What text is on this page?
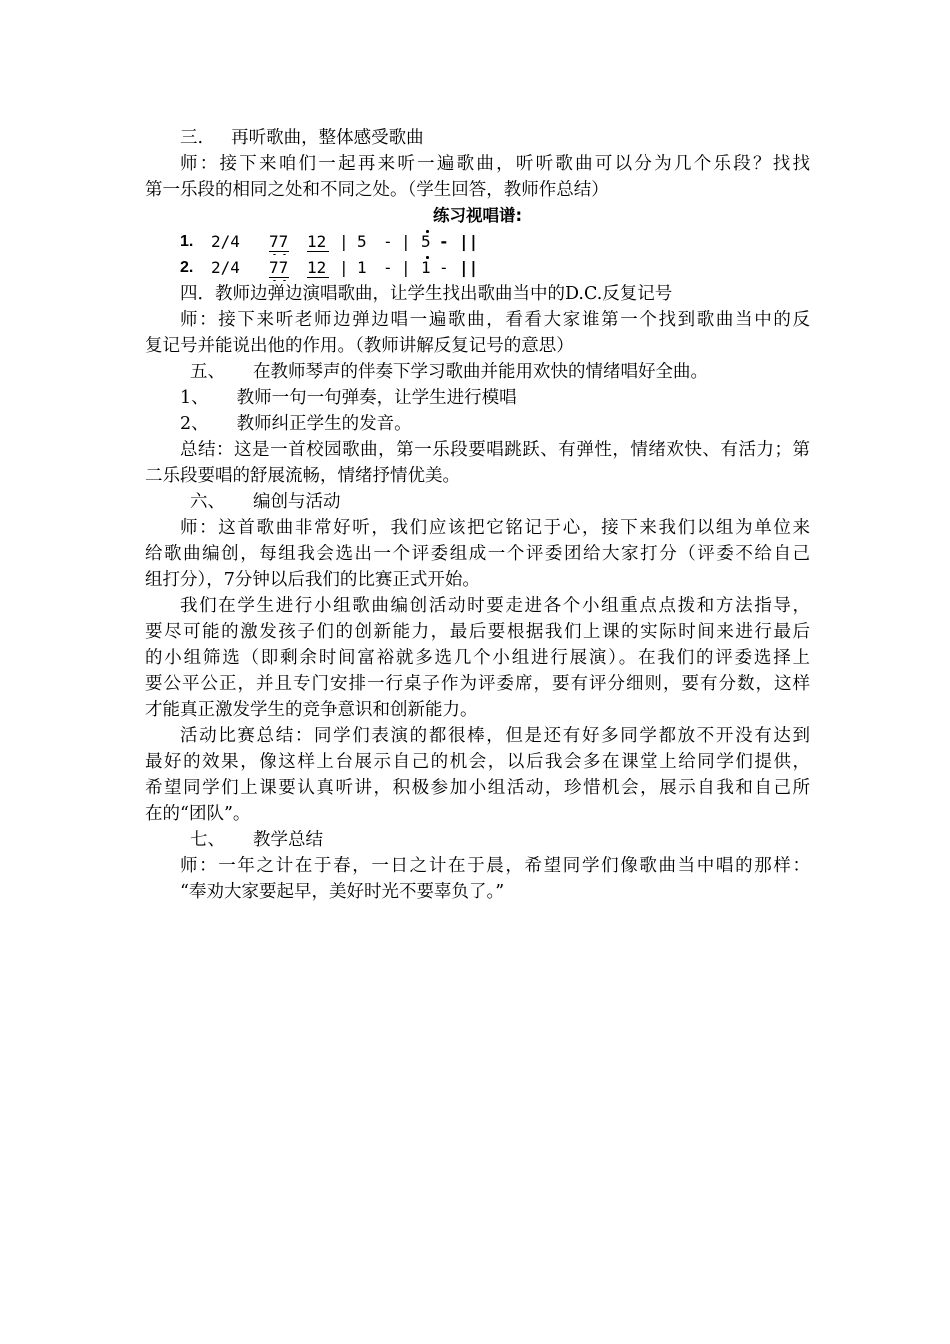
三. 再听歌曲，整体感受歌曲
师：接下来咱们一起再来听一遍歌曲，听听歌曲可以分为几个乐段？找找
第一乐段的相同之处和不同之处。（学生回答，教师作总结）
练习视唱谱:
1. 2/4 77 12 | 5 - | 5 - ||
2. 2/4 77 12 | 1 - | 1 - ||
四．教师边弹边演唱歌曲，让学生找出歌曲当中的D.C.反复记号
师：接下来听老师边弹边唱一遍歌曲，看看大家谁第一个找到歌曲当中的反
复记号并能说出他的作用。（教师讲解反复记号的意思）
五、 在教师琴声的伴奏下学习歌曲并能用欢快的情绪唱好全曲。
1、 教师一句一句弹奏，让学生进行模唱
2、 教师纠正学生的发音。
总结：这是一首校园歌曲，第一乐段要唱跳跃、有弹性，情绪欢快、有活力；第
二乐段要唱的舒展流畅，情绪抒情优美。
六、 编创与活动
师：这首歌曲非常好听，我们应该把它铭记于心，接下来我们以组为单位来
给歌曲编创，每组我会选出一个评委组成一个评委团给大家打分（评委不给自己
组打分），7分钟以后我们的比赛正式开始。
我们在学生进行小组歌曲编创活动时要走进各个小组重点点拨和方法指导，
要尽可能的激发孩子们的创新能力，最后要根据我们上课的实际时间来进行最后
的小组筛选（即剩余时间富裕就多选几个小组进行展演）。在我们的评委选择上
要公平公正，并且专门安排一行桌子作为评委席，要有评分细则，要有分数，这样
才能真正激发学生的竞争意识和创新能力。
活动比赛总结：同学们表演的都很棒，但是还有好多同学都放不开没有达到
最好的效果，像这样上台展示自己的机会，以后我会多在课堂上给同学们提供，
希望同学们上课要认真听讲，积极参加小组活动，珍惜机会，展示自我和自己所
在的“团队”。
七、 教学总结
师：一年之计在于春，一日之计在于晨，希望同学们像歌曲当中唱的那样：
“奉劝大家要起早，美好时光不要辜负了。”
